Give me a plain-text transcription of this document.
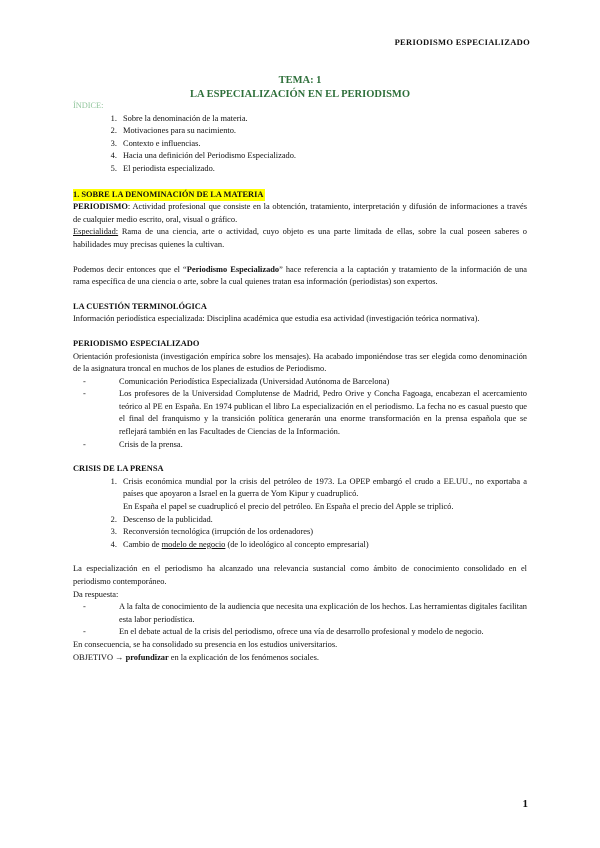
PERIODISMO ESPECIALIZADO
TEMA: 1
LA ESPECIALIZACIÓN EN EL PERIODISMO
ÍNDICE:
1. Sobre la denominación de la materia.
2. Motivaciones para su nacimiento.
3. Contexto e influencias.
4. Hacia una definición del Periodismo Especializado.
5. El periodista especializado.
1. SOBRE LA DENOMINACIÓN DE LA MATERIA
PERIODISMO: Actividad profesional que consiste en la obtención, tratamiento, interpretación y difusión de informaciones a través de cualquier medio escrito, oral, visual o gráfico.
Especialidad: Rama de una ciencia, arte o actividad, cuyo objeto es una parte limitada de ellas, sobre la cual poseen saberes o habilidades muy precisas quienes la cultivan.
Podemos decir entonces que el “Periodismo Especializado” hace referencia a la captación y tratamiento de la información de una rama específica de una ciencia o arte, sobre la cual quienes tratan esa información (periodistas) son expertos.
LA CUESTIÓN TERMINOLÓGICA
Información periodística especializada: Disciplina académica que estudia esa actividad (investigación teórica normativa).
PERIODISMO ESPECIALIZADO
Orientación profesionista (investigación empírica sobre los mensajes). Ha acabado imponiéndose tras ser elegida como denominación de la asignatura troncal en muchos de los planes de estudios de Periodismo.
- Comunicación Periodística Especializada (Universidad Autónoma de Barcelona)
- Los profesores de la Universidad Complutense de Madrid, Pedro Orive y Concha Fagoaga, encabezan el acercamiento teórico al PE en España. En 1974 publican el libro La especialización en el periodismo. La fecha no es casual puesto que el final del franquismo y la transición política generarán una enorme transformación en la prensa española que se reflejará también en las Facultades de Ciencias de la Información.
- Crisis de la prensa.
CRISIS DE LA PRENSA
1. Crisis económica mundial por la crisis del petróleo de 1973. La OPEP embargó el crudo a EE.UU., no exportaba a países que apoyaron a Israel en la guerra de Yom Kipur y cuadruplicó.
En España el papel se cuadruplicó el precio del petróleo. En España el precio del Apple se triplicó.
2. Descenso de la publicidad.
3. Reconversión tecnológica (irrupción de los ordenadores)
4. Cambio de modelo de negocio (de lo ideológico al concepto empresarial)
La especialización en el periodismo ha alcanzado una relevancia sustancial como ámbito de conocimiento consolidado en el periodismo contemporáneo.
Da respuesta:
- A la falta de conocimiento de la audiencia que necesita una explicación de los hechos. Las herramientas digitales facilitan esta labor periodística.
- En el debate actual de la crisis del periodismo, ofrece una vía de desarrollo profesional y modelo de negocio.
En consecuencia, se ha consolidado su presencia en los estudios universitarios.
OBJETIVO → profundizar en la explicación de los fenómenos sociales.
1
